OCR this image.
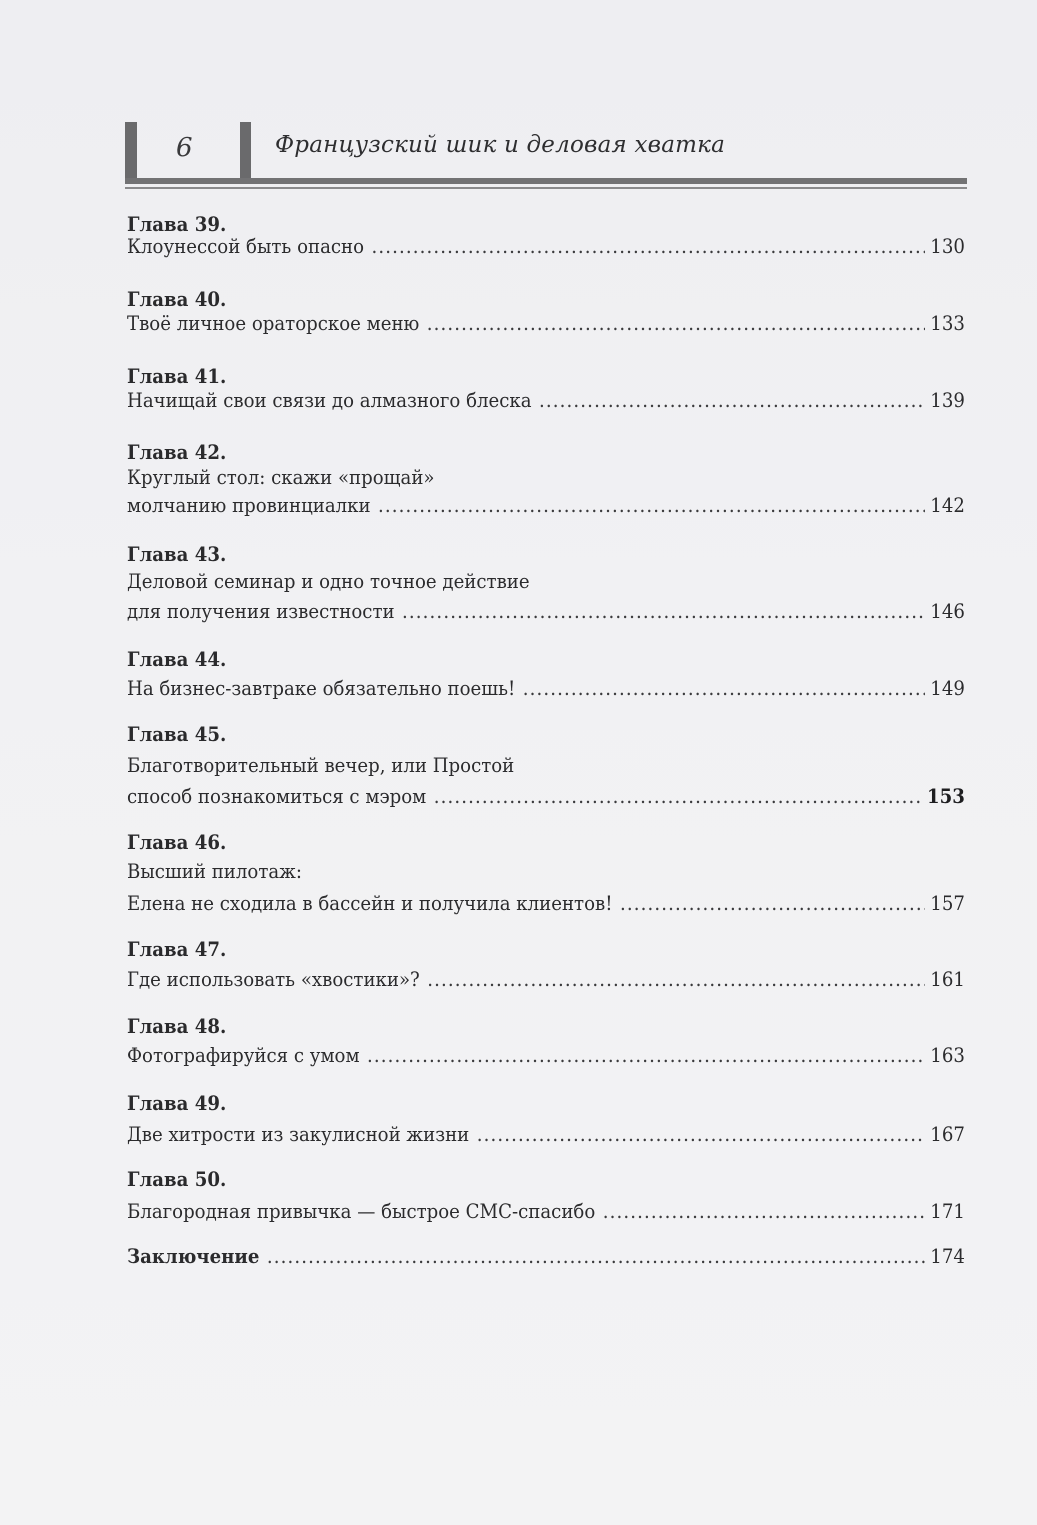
6	Французский шик и деловая хватка
Глава 39.
Клоунессой быть опасно .....	130
Глава 40.
Твоё личное ораторское меню .....	133
Глава 41.
Начищай свои связи до алмазного блеска .....	139
Глава 42.
Круглый стол: скажи «прощай»
молчанию провинциалки .....	142
Глава 43.
Деловой семинар и одно точное действие
для получения известности .....	146
Глава 44.
На бизнес-завтраке обязательно поешь! .....	149
Глава 45.
Благотворительный вечер, или Простой
способ познакомиться с мэром .....	153
Глава 46.
Высший пилотаж:
Елена не сходила в бассейн и получила клиентов! .....	157
Глава 47.
Где использовать «хвостики»? .....	161
Глава 48.
Фотографируйся с умом .....	163
Глава 49.
Две хитрости из закулисной жизни .....	167
Глава 50.
Благородная привычка — быстрое СМС-спасибо .....	171
Заключение .....	174
